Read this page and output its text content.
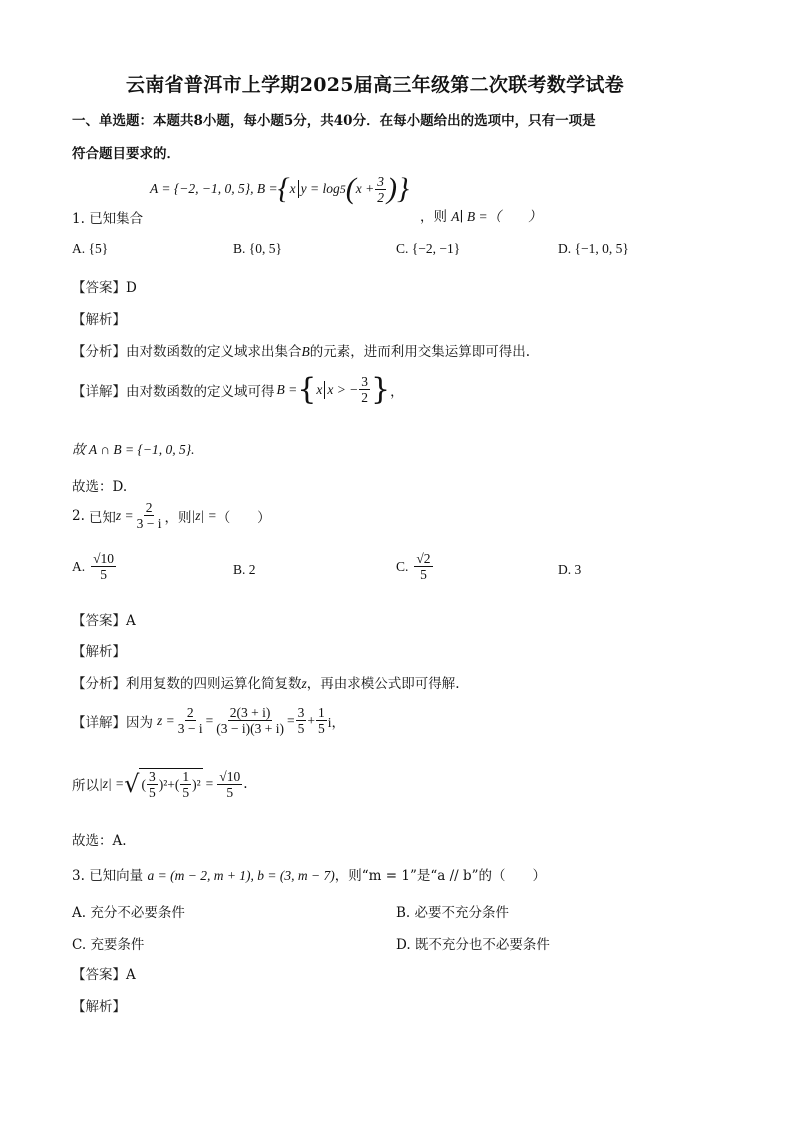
云南省普洱市上学期2025届高三年级第二次联考数学试卷
一、单选题：本题共8小题，每小题5分，共40分．在每小题给出的选项中，只有一项是
符合题目要求的．
A = {−2, −1, 0, 5}, B = { x y = log 5 ( $x + \frac{3}{2}$ ) }
1. 已知集合	，则 A∣ B =（　　）
A. {5}	B. {0, 5}	C. {−2, −1}	D. {−1, 0, 5}
【答案】D
【解析】
【分析】由对数函数的定义域求出集合B的元素，进而利用交集运算即可得出.
【详解】 由对数函数的定义域可得 B = { x x > − $\frac{3}{2}$ } ，
故 A ∩ B = {−1, 0, 5}.
故选：D.
2. 已知 $z = \frac{2}{3 - i}$ ，则 |z| = （　　）
A. $\frac{√10}{5}$	B. 2	C. $\frac{√2}{5}$	D. 3
【答案】A
【解析】
【分析】利用复数的四则运算化简复数z，再由求模公式即可得解.
【详解】 因为 $z = \frac{2}{3 - i} = \frac{2(3 + i)}{(3 - i)(3 + i)} = \frac{3}{5} + \frac{1}{5}$ i，
所以 |z| = √ ( $\frac{3}{5} )^2+( \frac{1}{5} )^2 = \frac{√10}{5}$ .
故选：A.
3. 已知向量 a = (m − 2, m + 1), b = (3, m − 7)，则“m = 1”是“a // b”的（　　）
A. 充分不必要条件	B. 必要不充分条件
C. 充要条件	D. 既不充分也不必要条件
【答案】A
【解析】
